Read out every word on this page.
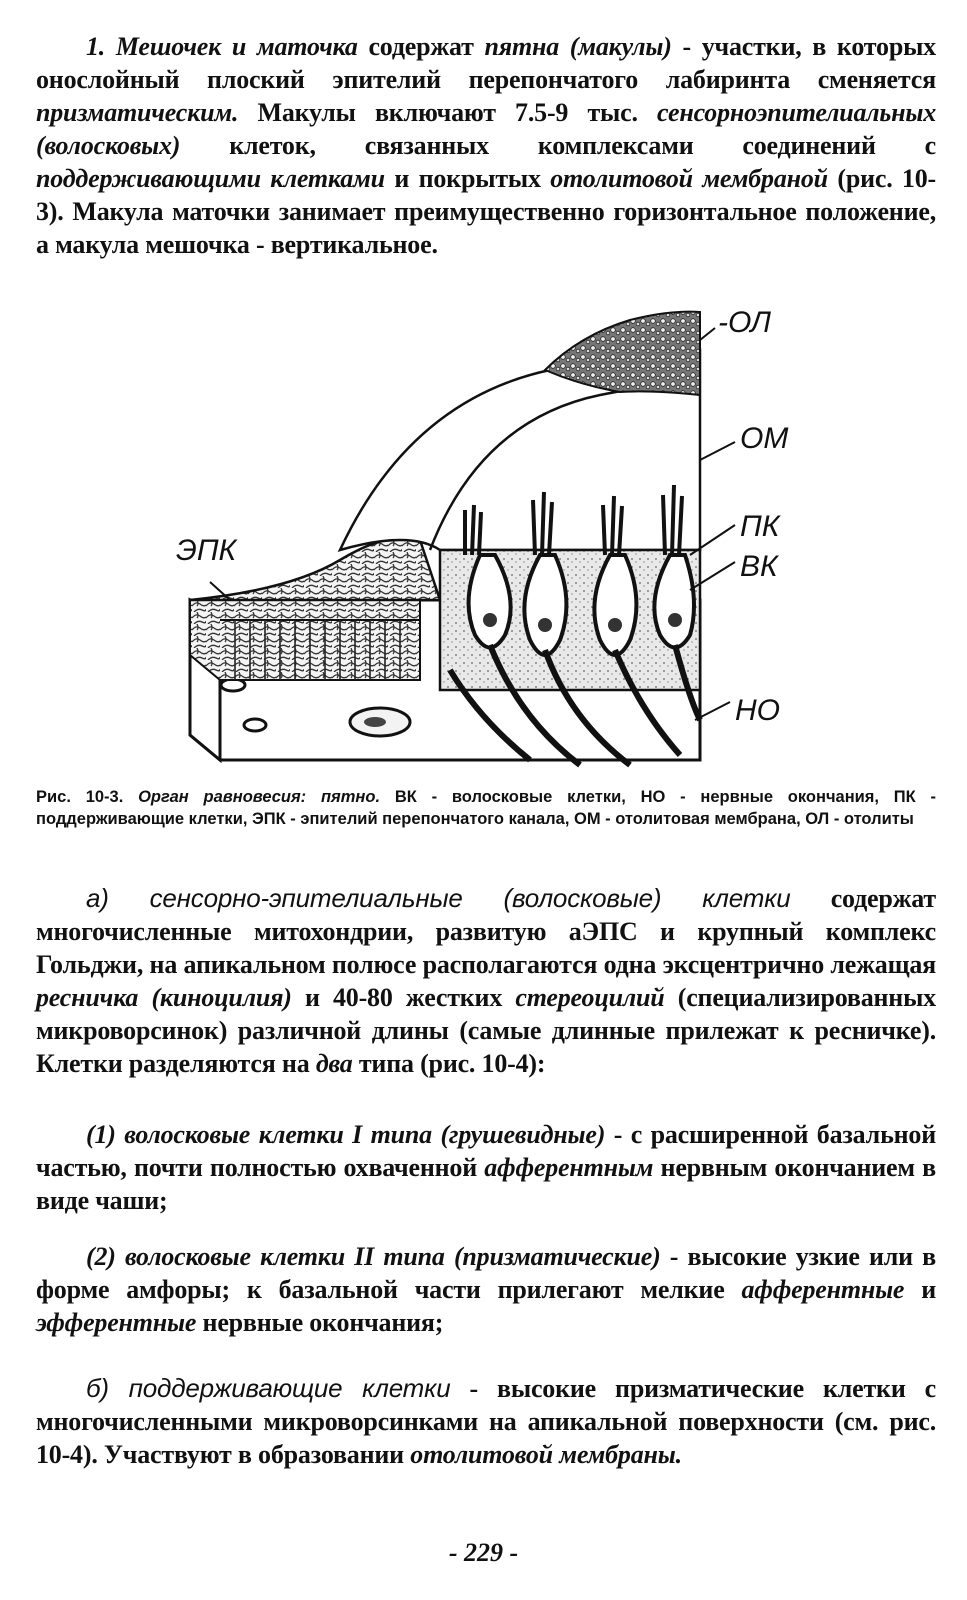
1. Мешочек и маточка содержат пятна (макулы) - участки, в которых онослойный плоский эпителий перепончатого лабиринта сменяется призматическим. Макулы включают 7.5-9 тыс. сенсорноэпителиальных (волосковых) клеток, связанных комплексами соединений с поддерживающими клетками и покрытых отолитовой мембраной (рис. 10-3). Макула маточки занимает преимущественно горизонтальное положение, а макула мешочка - вертикальное.

-ОЛ
ОМ
ПК
ВК
ЭПК
НО

Рис. 10-3. Орган равновесия: пятно. ВК - волосковые клетки, НО - нервные окончания, ПК - поддерживающие клетки, ЭПК - эпителий перепончатого канала, ОМ - отолитовая мембрана, ОЛ - отолиты

а) сенсорно-эпителиальные (волосковые) клетки содержат многочисленные митохондрии, развитую аЭПС и крупный комплекс Гольджи, на апикальном полюсе располагаются одна эксцентрично лежащая ресничка (киноцилия) и 40-80 жестких стереоцилий (специализированных микроворсинок) различной длины (самые длинные прилежат к ресничке). Клетки разделяются на два типа (рис. 10-4):

(1) волосковые клетки I типа (грушевидные) - с расширенной базальной частью, почти полностью охваченной афферентным нервным окончанием в виде чаши;

(2) волосковые клетки II типа (призматические) - высокие узкие или в форме амфоры; к базальной части прилегают мелкие афферентные и эфферентные нервные окончания;

б) поддерживающие клетки - высокие призматические клетки с многочисленными микроворсинками на апикальной поверхности (см. рис. 10-4). Участвуют в образовании отолитовой мембраны.

- 229 -
